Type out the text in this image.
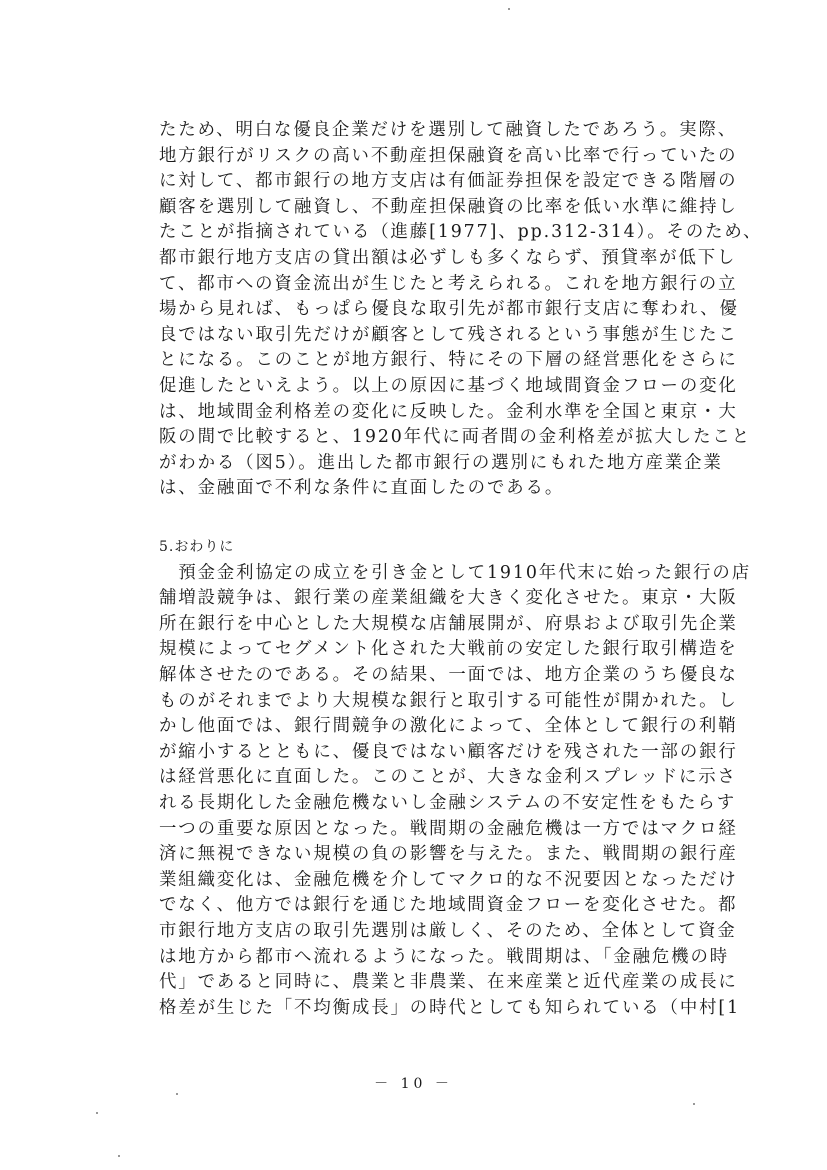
たため、明白な優良企業だけを選別して融資したであろう。実際、
地方銀行がリスクの高い不動産担保融資を高い比率で行っていたの
に対して、都市銀行の地方支店は有価証券担保を設定できる階層の
顧客を選別して融資し、不動産担保融資の比率を低い水準に維持し
たことが指摘されている（進藤[1977]、pp.312-314）。そのため、
都市銀行地方支店の貸出額は必ずしも多くならず、預貸率が低下し
て、都市への資金流出が生じたと考えられる。これを地方銀行の立
場から見れば、もっぱら優良な取引先が都市銀行支店に奪われ、優
良ではない取引先だけが顧客として残されるという事態が生じたこ
とになる。このことが地方銀行、特にその下層の経営悪化をさらに
促進したといえよう。以上の原因に基づく地域間資金フローの変化
は、地域間金利格差の変化に反映した。金利水準を全国と東京・大
阪の間で比較すると、1920年代に両者間の金利格差が拡大したこと
がわかる（図5）。進出した都市銀行の選別にもれた地方産業企業
は、金融面で不利な条件に直面したのである。
5.おわりに
　預金金利協定の成立を引き金として1910年代末に始った銀行の店
舗増設競争は、銀行業の産業組織を大きく変化させた。東京・大阪
所在銀行を中心とした大規模な店舗展開が、府県および取引先企業
規模によってセグメント化された大戦前の安定した銀行取引構造を
解体させたのである。その結果、一面では、地方企業のうち優良な
ものがそれまでより大規模な銀行と取引する可能性が開かれた。し
かし他面では、銀行間競争の激化によって、全体として銀行の利鞘
が縮小するとともに、優良ではない顧客だけを残された一部の銀行
は経営悪化に直面した。このことが、大きな金利スプレッドに示さ
れる長期化した金融危機ないし金融システムの不安定性をもたらす
一つの重要な原因となった。戦間期の金融危機は一方ではマクロ経
済に無視できない規模の負の影響を与えた。また、戦間期の銀行産
業組織変化は、金融危機を介してマクロ的な不況要因となっただけ
でなく、他方では銀行を通じた地域間資金フローを変化させた。都
市銀行地方支店の取引先選別は厳しく、そのため、全体として資金
は地方から都市へ流れるようになった。戦間期は、「金融危機の時
代」であると同時に、農業と非農業、在来産業と近代産業の成長に
格差が生じた「不均衡成長」の時代としても知られている（中村[1
－ 10 －
